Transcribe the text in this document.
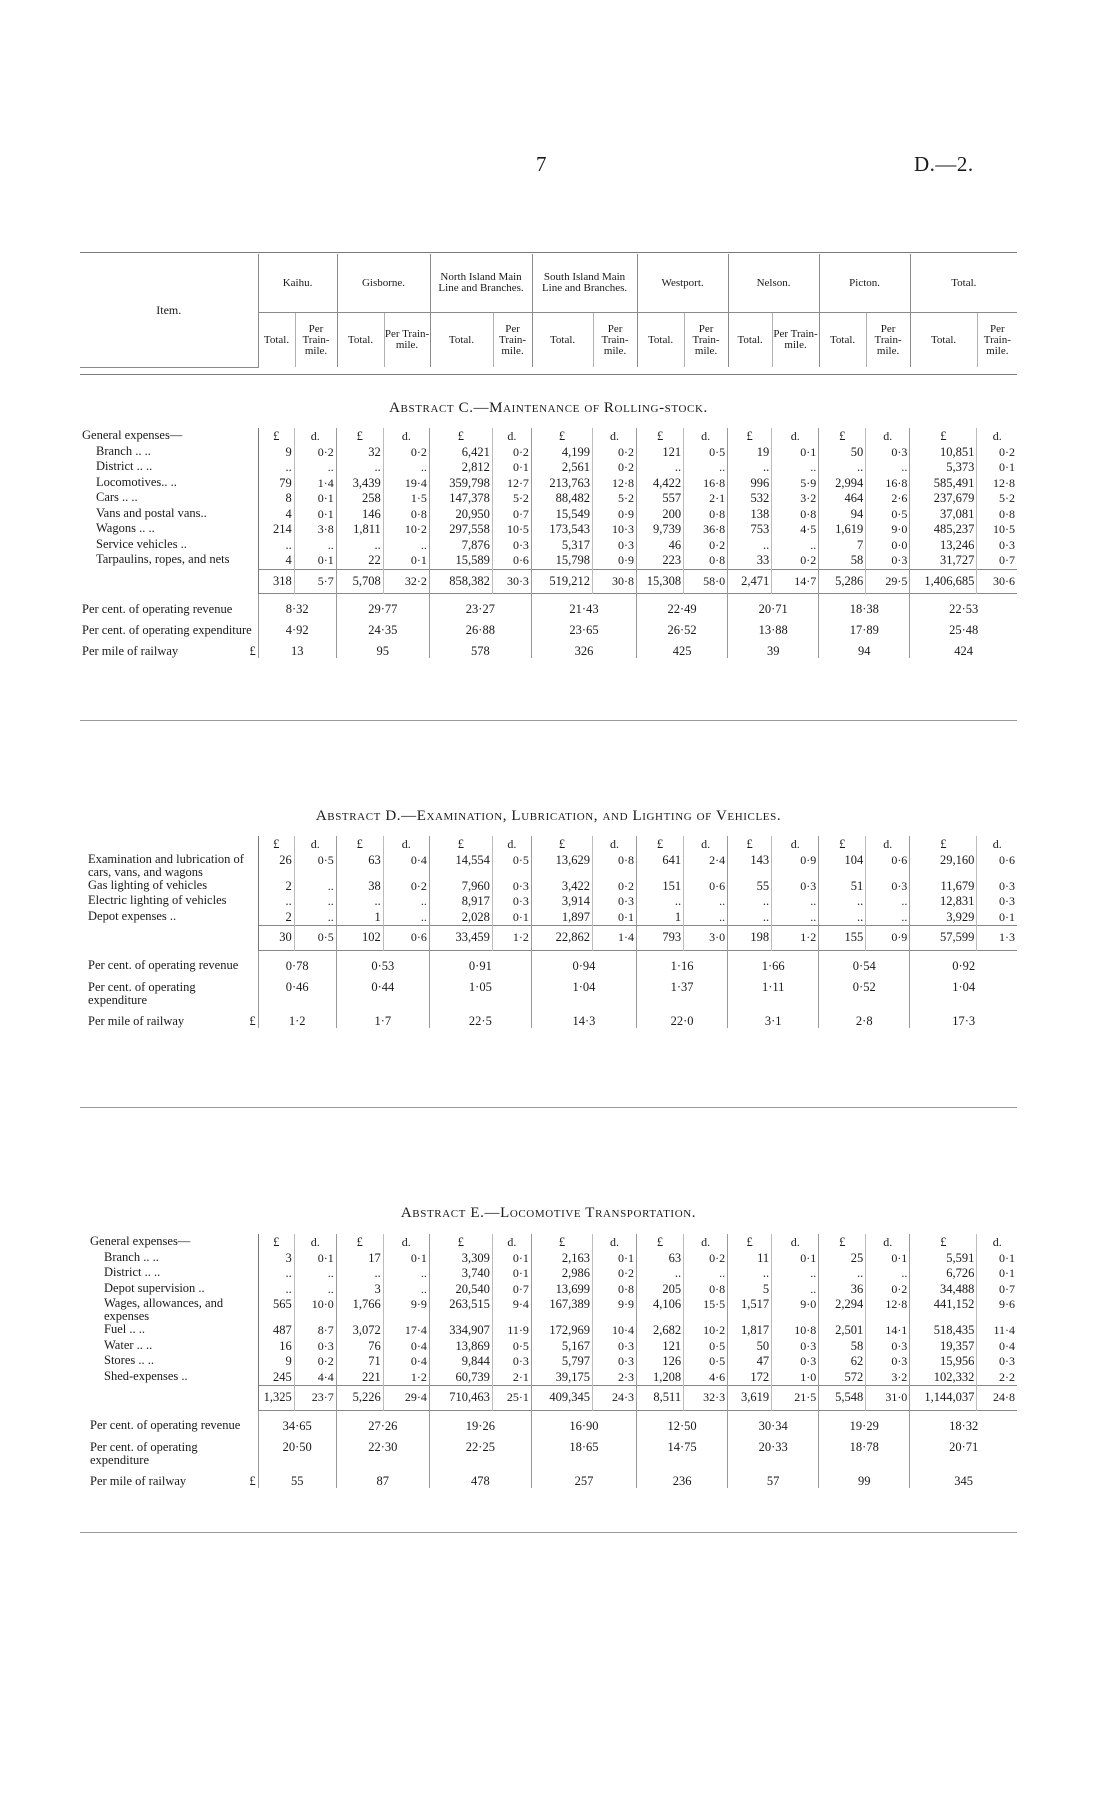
7	D.—2.
Item.	Kaihu.		Gisborne.		North Island Main Line and Branches.		South Island Main Line and Branches.		Westport.		Nelson.		Picton.		Total.	
	Total.	Per Train-mile.	Total.	Per Train-mile.	Total.	Per Train-mile.	Total.	Per Train-mile.	Total.	Per Train-mile.	Total.	Per Train-mile.	Total.	Per Train-mile.	Total.	Per Train-mile.
Abstract C.—Maintenance of Rolling-stock.
General expenses—	£	d.	£	d.	£	d.	£	d.	£	d.	£	d.	£	d.	£	d.
Branch .. ..	9	0·2	32	0·2	6,421	0·2	4,199	0·2	121	0·5	19	0·1	50	0·3	10,851	0·2
District .. ..	..	..	..	..	2,812	0·1	2,561	0·2	..	..	..	..	..	..	5,373	0·1
Locomotives.. ..	79	1·4	3,439	19·4	359,798	12·7	213,763	12·8	4,422	16·8	996	5·9	2,994	16·8	585,491	12·8
Cars .. ..	8	0·1	258	1·5	147,378	5·2	88,482	5·2	557	2·1	532	3·2	464	2·6	237,679	5·2
Vans and postal vans..	4	0·1	146	0·8	20,950	0·7	15,549	0·9	200	0·8	138	0·8	94	0·5	37,081	0·8
Wagons .. ..	214	3·8	1,811	10·2	297,558	10·5	173,543	10·3	9,739	36·8	753	4·5	1,619	9·0	485,237	10·5
Service vehicles ..	..	..	..	..	7,876	0·3	5,317	0·3	46	0·2	..	..	7	0·0	13,246	0·3
Tarpaulins, ropes, and nets	4	0·1	22	0·1	15,589	0·6	15,798	0·9	223	0·8	33	0·2	58	0·3	31,727	0·7
	318	5·7	5,708	32·2	858,382	30·3	519,212	30·8	15,308	58·0	2,471	14·7	5,286	29·5	1,406,685	30·6
Per cent. of operating revenue	8·32		29·77		23·27		21·43		22·49		20·71		18·38		22·53	
Per cent. of operating expenditure	4·92		24·35		26·88		23·65		26·52		13·88		17·89		25·48	
Per mile of railway £	13		95		578		326		425		39		94		424	
Abstract D.—Examination, Lubrication, and Lighting of Vehicles.
	£	d.	£	d.	£	d.	£	d.	£	d.	£	d.	£	d.	£	d.
Examination and lubrication of cars, vans, and wagons	26	0·5	63	0·4	14,554	0·5	13,629	0·8	641	2·4	143	0·9	104	0·6	29,160	0·6
Gas lighting of vehicles	2	..	38	0·2	7,960	0·3	3,422	0·2	151	0·6	55	0·3	51	0·3	11,679	0·3
Electric lighting of vehicles	..	..	..	..	8,917	0·3	3,914	0·3	..	..	..	..	..	..	12,831	0·3
Depot expenses ..	2	..	1	..	2,028	0·1	1,897	0·1	1	..	..	..	..	..	3,929	0·1
	30	0·5	102	0·6	33,459	1·2	22,862	1·4	793	3·0	198	1·2	155	0·9	57,599	1·3
Per cent. of operating revenue	0·78		0·53		0·91		0·94		1·16		1·66		0·54		0·92	
Per cent. of operating expenditure	0·46		0·44		1·05		1·04		1·37		1·11		0·52		1·04	
Per mile of railway £	1·2		1·7		22·5		14·3		22·0		3·1		2·8		17·3	
Abstract E.—Locomotive Transportation.
General expenses—	£	d.	£	d.	£	d.	£	d.	£	d.	£	d.	£	d.	£	d.
Branch .. ..	3	0·1	17	0·1	3,309	0·1	2,163	0·1	63	0·2	11	0·1	25	0·1	5,591	0·1
District .. ..	..	..	..	..	3,740	0·1	2,986	0·2	..	..	..	..	..	..	6,726	0·1
Depot supervision ..	..	..	3	..	20,540	0·7	13,699	0·8	205	0·8	5	..	36	0·2	34,488	0·7
Wages, allowances, and expenses	565	10·0	1,766	9·9	263,515	9·4	167,389	9·9	4,106	15·5	1,517	9·0	2,294	12·8	441,152	9·6
Fuel .. ..	487	8·7	3,072	17·4	334,907	11·9	172,969	10·4	2,682	10·2	1,817	10·8	2,501	14·1	518,435	11·4
Water .. ..	16	0·3	76	0·4	13,869	0·5	5,167	0·3	121	0·5	50	0·3	58	0·3	19,357	0·4
Stores .. ..	9	0·2	71	0·4	9,844	0·3	5,797	0·3	126	0·5	47	0·3	62	0·3	15,956	0·3
Shed-expenses ..	245	4·4	221	1·2	60,739	2·1	39,175	2·3	1,208	4·6	172	1·0	572	3·2	102,332	2·2
	1,325	23·7	5,226	29·4	710,463	25·1	409,345	24·3	8,511	32·3	3,619	21·5	5,548	31·0	1,144,037	24·8
Per cent. of operating revenue	34·65		27·26		19·26		16·90		12·50		30·34		19·29		18·32	
Per cent. of operating expenditure	20·50		22·30		22·25		18·65		14·75		20·33		18·78		20·71	
Per mile of railway £	55		87		478		257		236		57		99		345	
